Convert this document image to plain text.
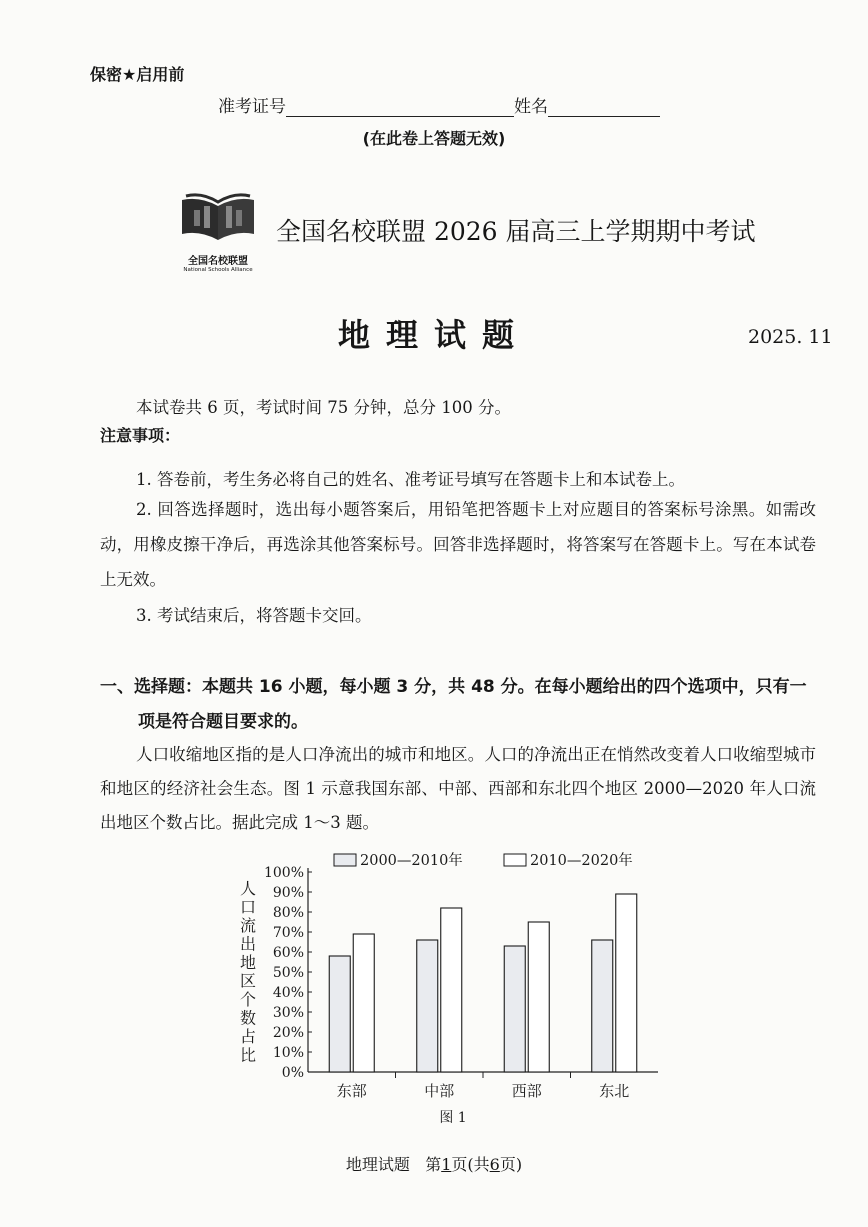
保密★启用前
准考证号	姓名
(在此卷上答题无效)
全国名校联盟
National Schools Alliance
全国名校联盟 2026 届高三上学期期中考试
地理试题	2025. 11
本试卷共 6 页，考试时间 75 分钟，总分 100 分。
注意事项：
1. 答卷前，考生务必将自己的姓名、准考证号填写在答题卡上和本试卷上。
2. 回答选择题时，选出每小题答案后，用铅笔把答题卡上对应题目的答案标号涂黑。如需改动，用橡皮擦干净后，再选涂其他答案标号。回答非选择题时，将答案写在答题卡上。写在本试卷上无效。
3. 考试结束后，将答题卡交回。
一、选择题：本题共 16 小题，每小题 3 分，共 48 分。在每小题给出的四个选项中，只有一
项是符合题目要求的。
人口收缩地区指的是人口净流出的城市和地区。人口的净流出正在悄然改变着人口收缩型城市和地区的经济社会生态。图 1 示意我国东部、中部、西部和东北四个地区 2000—2020 年人口流出地区个数占比。据此完成 1～3 题。
0%
10%
20%
30%
40%
50%
60%
70%
80%
90%
100%
人
口
流
出
地
区
个
数
占
比
东部	中部	西部	东北
2000—2010年	2010—2020年
图 1
地理试题 第1页(共6页)
